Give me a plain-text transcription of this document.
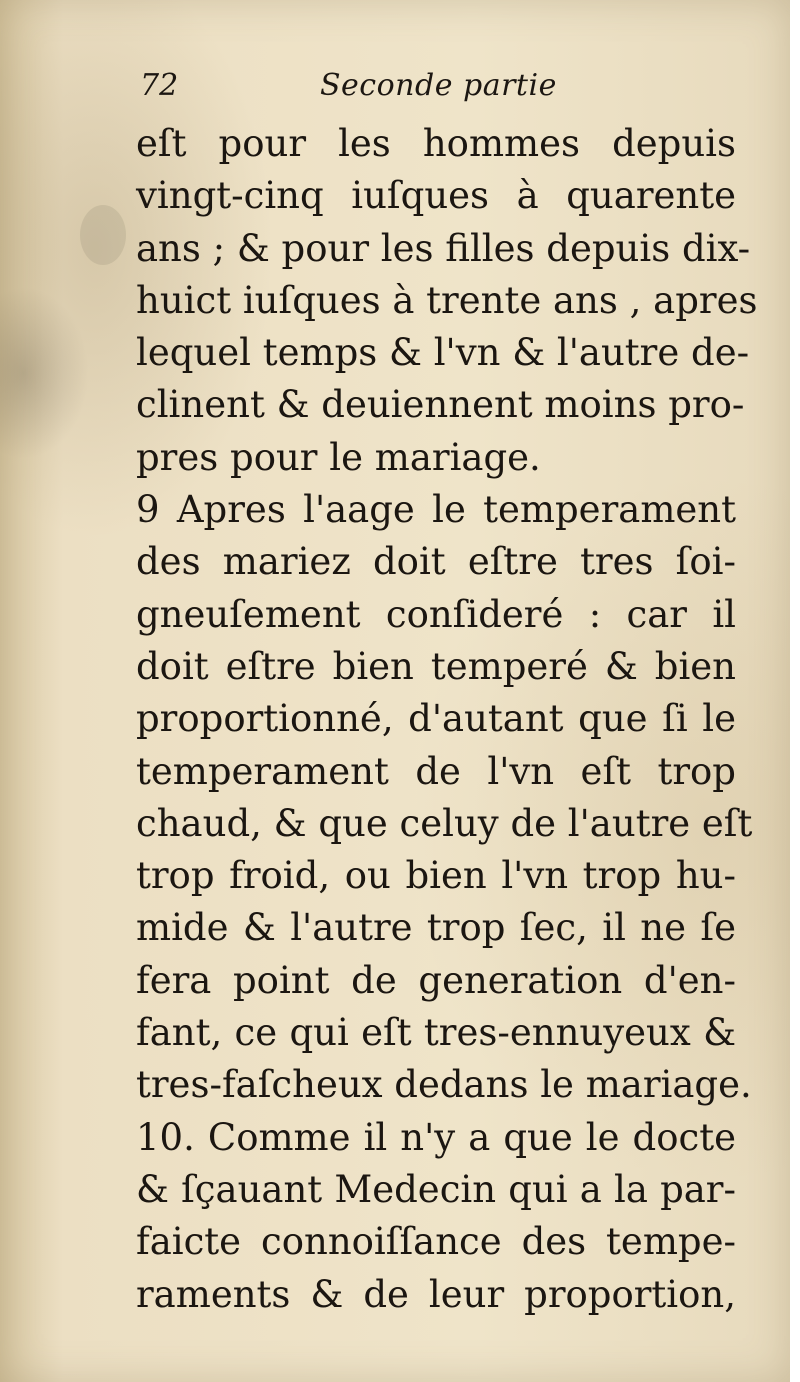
72	Seconde partie
eſt pour les hommes depuis
vingt-cinq iuſques à quarente
ans ; & pour les filles depuis dix-
huict iuſques à trente ans , apres
lequel temps & l'vn & l'autre de-
clinent & deuiennent moins pro-
pres pour le mariage.
9 Apres l'aage le temperament
des mariez doit eſtre tres ſoi-
gneuſement conſideré : car il
doit eſtre bien temperé & bien
proportionné, d'autant que ſi le
temperament de l'vn eſt trop
chaud, & que celuy de l'autre eſt
trop froid, ou bien l'vn trop hu-
mide & l'autre trop ſec, il ne ſe
fera point de generation d'en-
fant, ce qui eſt tres-ennuyeux &
tres-faſcheux dedans le mariage.
10. Comme il n'y a que le docte
& ſçauant Medecin qui a la par-
faicte connoiſſance des tempe-
raments & de leur proportion,
